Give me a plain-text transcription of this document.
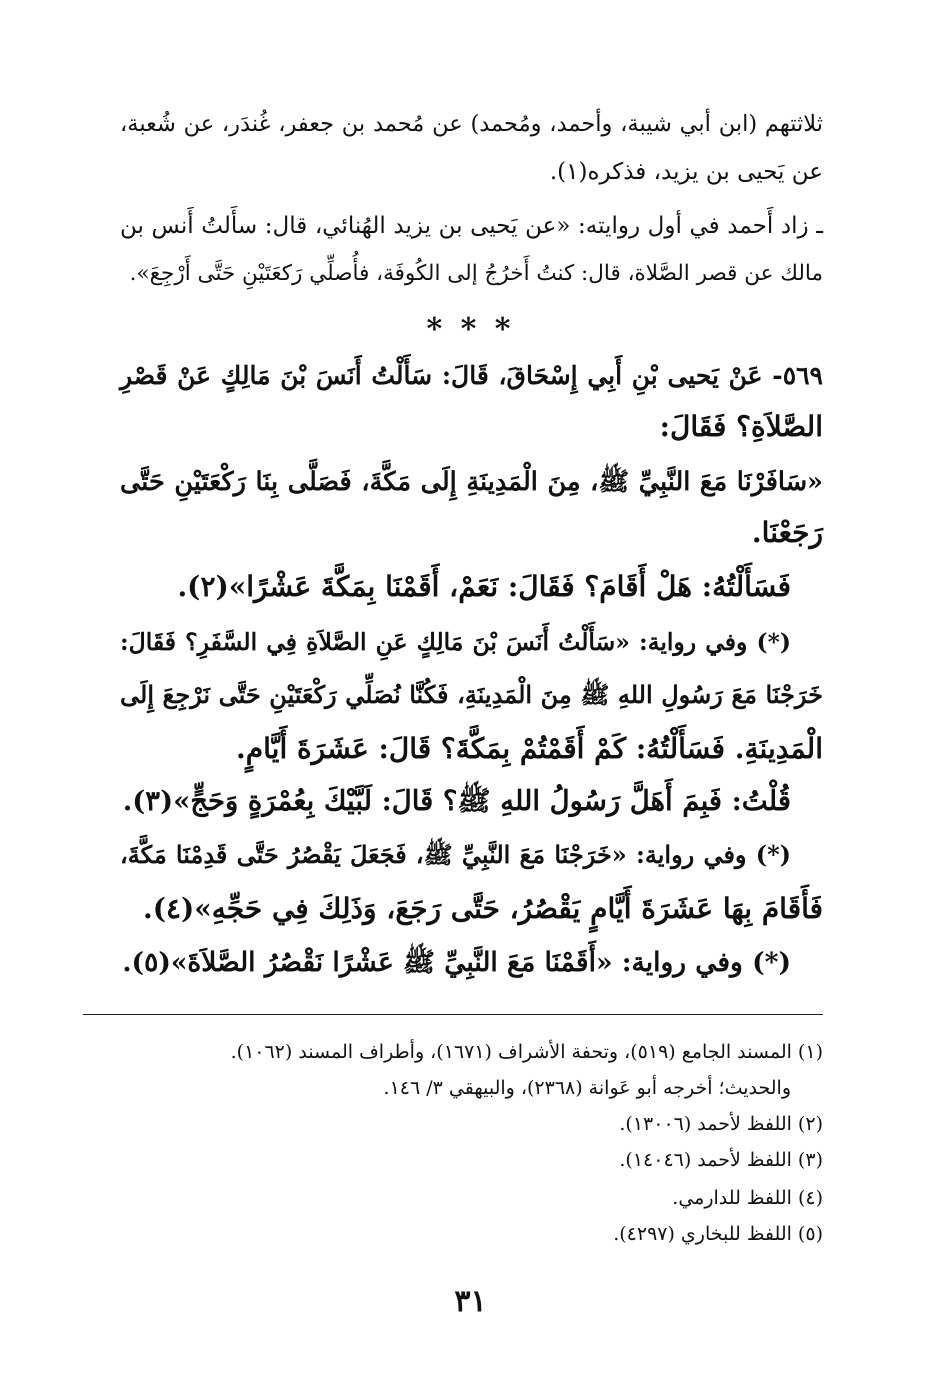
ثلاثتهم (ابن أبي شيبة، وأحمد، ومُحمد) عن مُحمد بن جعفر، غُندَر، عن شُعبة،
عن يَحيى بن يزيد، فذكره(١).
ـ زاد أَحمد في أول روايته: «عن يَحيى بن يزيد الهُنائي، قال: سأَلتُ أَنس بن
مالك عن قصر الصَّلاة، قال: كنتُ أَخرُجُ إلى الكُوفَة، فأُصلِّي رَكعَتَيْنِ حَتَّى أَرْجِعَ».
* * *
٥٦٩- عَنْ يَحيى بْنِ أَبِي إِسْحَاقَ، قَالَ: سَأَلْتُ أَنَسَ بْنَ مَالِكٍ عَنْ قَصْرِ
الصَّلاَةِ؟ فَقَالَ:
«سَافَرْنَا مَعَ النَّبِيِّ ﷺ، مِنَ الْمَدِينَةِ إِلَى مَكَّةَ، فَصَلَّى بِنَا رَكْعَتَيْنِ حَتَّى
رَجَعْنَا.
فَسَأَلْتُهُ: هَلْ أَقَامَ؟ فَقَالَ: نَعَمْ، أَقَمْنَا بِمَكَّةَ عَشْرًا»(٢).
(*) وفي رواية: «سَأَلْتُ أَنَسَ بْنَ مَالِكٍ عَنِ الصَّلاَةِ فِي السَّفَرِ؟ فَقَالَ:
خَرَجْنَا مَعَ رَسُولِ اللهِ ﷺ مِنَ الْمَدِينَةِ، فَكُنَّا نُصَلِّي رَكْعَتَيْنِ حَتَّى نَرْجِعَ إِلَى
الْمَدِينَةِ. فَسَأَلْتُهُ: كَمْ أَقَمْتُمْ بِمَكَّةَ؟ قَالَ: عَشَرَةَ أَيَّامٍ.
قُلْتُ: فَبِمَ أَهَلَّ رَسُولُ اللهِ ﷺ؟ قَالَ: لَبَّيْكَ بِعُمْرَةٍ وَحَجٍّ»(٣).
(*) وفي رواية: «خَرَجْنَا مَعَ النَّبِيِّ ﷺ، فَجَعَلَ يَقْصُرُ حَتَّى قَدِمْنَا مَكَّةَ،
فَأَقَامَ بِهَا عَشَرَةَ أَيَّامٍ يَقْصُرُ، حَتَّى رَجَعَ، وَذَلِكَ فِي حَجِّهِ»(٤).
(*) وفي رواية: «أَقَمْنَا مَعَ النَّبِيِّ ﷺ عَشْرًا نَقْصُرُ الصَّلاَةَ»(٥).
(١) المسند الجامع (٥١٩)، وتحفة الأشراف (١٦٧١)، وأطراف المسند (١٠٦٢).
والحديث؛ أخرجه أبو عَوانة (٢٣٦٨)، والبيهقي ٣/ ١٤٦.
(٢) اللفظ لأحمد (١٣٠٠٦).
(٣) اللفظ لأحمد (١٤٠٤٦).
(٤) اللفظ للدارمي.
(٥) اللفظ للبخاري (٤٢٩٧).
٣١
